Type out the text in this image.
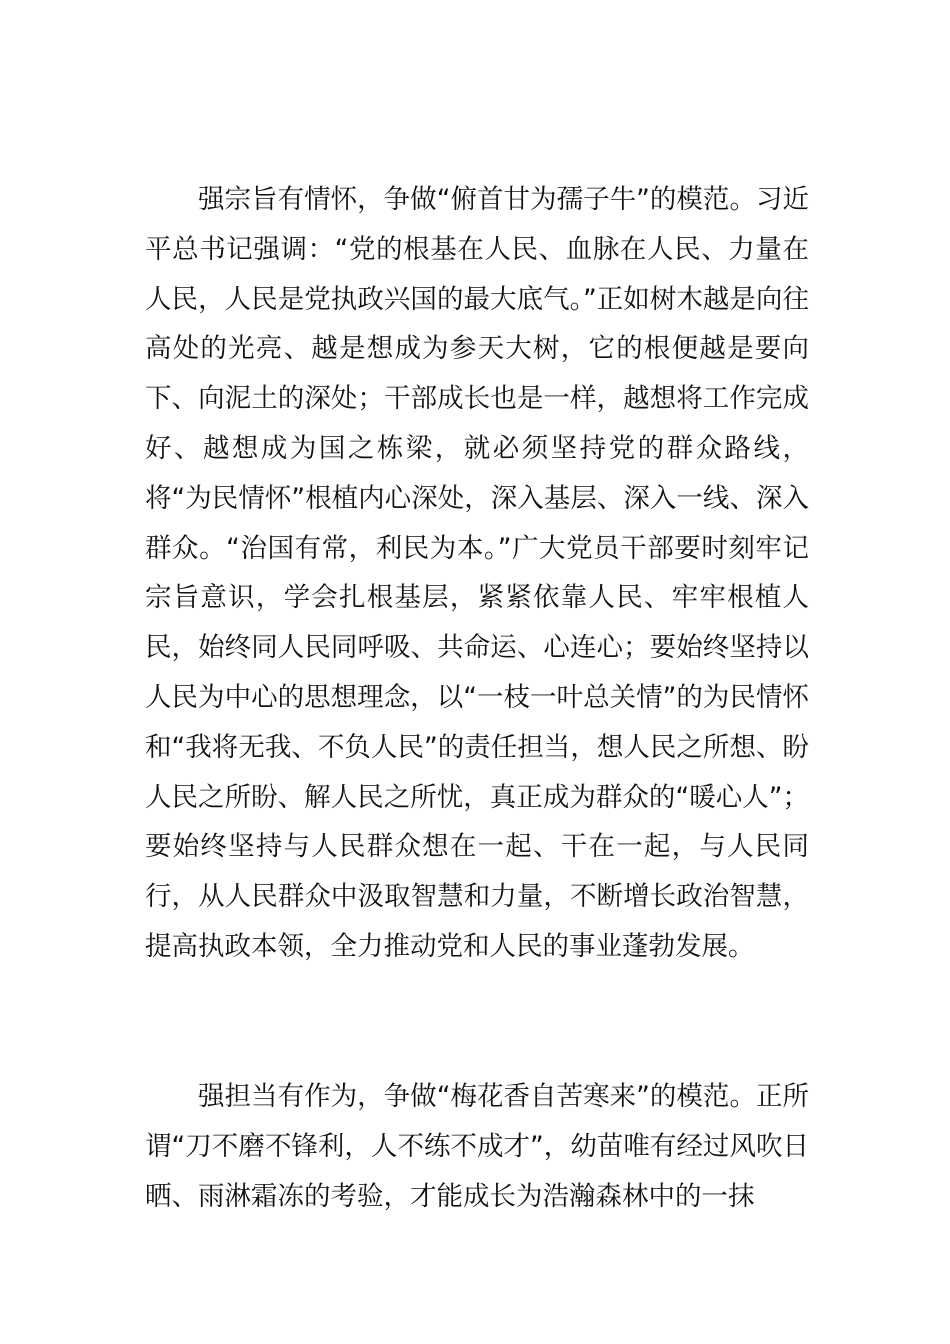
强宗旨有情怀，争做“俯首甘为孺子牛”的模范。习近平总书记强调：“党的根基在人民、血脉在人民、力量在人民，人民是党执政兴国的最大底气。”正如树木越是向往高处的光亮、越是想成为参天大树，它的根便越是要向下、向泥土的深处；干部成长也是一样，越想将工作完成好、越想成为国之栋梁，就必须坚持党的群众路线，将“为民情怀”根植内心深处，深入基层、深入一线、深入群众。“治国有常，利民为本。”广大党员干部要时刻牢记宗旨意识，学会扎根基层，紧紧依靠人民、牢牢根植人民，始终同人民同呼吸、共命运、心连心；要始终坚持以人民为中心的思想理念，以“一枝一叶总关情”的为民情怀和“我将无我、不负人民”的责任担当，想人民之所想、盼人民之所盼、解人民之所忧，真正成为群众的“暖心人”；要始终坚持与人民群众想在一起、干在一起，与人民同行，从人民群众中汲取智慧和力量，不断增长政治智慧，提高执政本领，全力推动党和人民的事业蓬勃发展。

强担当有作为，争做“梅花香自苦寒来”的模范。正所谓“刀不磨不锋利，人不练不成才”，幼苗唯有经过风吹日晒、雨淋霜冻的考验，才能成长为浩瀚森林中的一抹
